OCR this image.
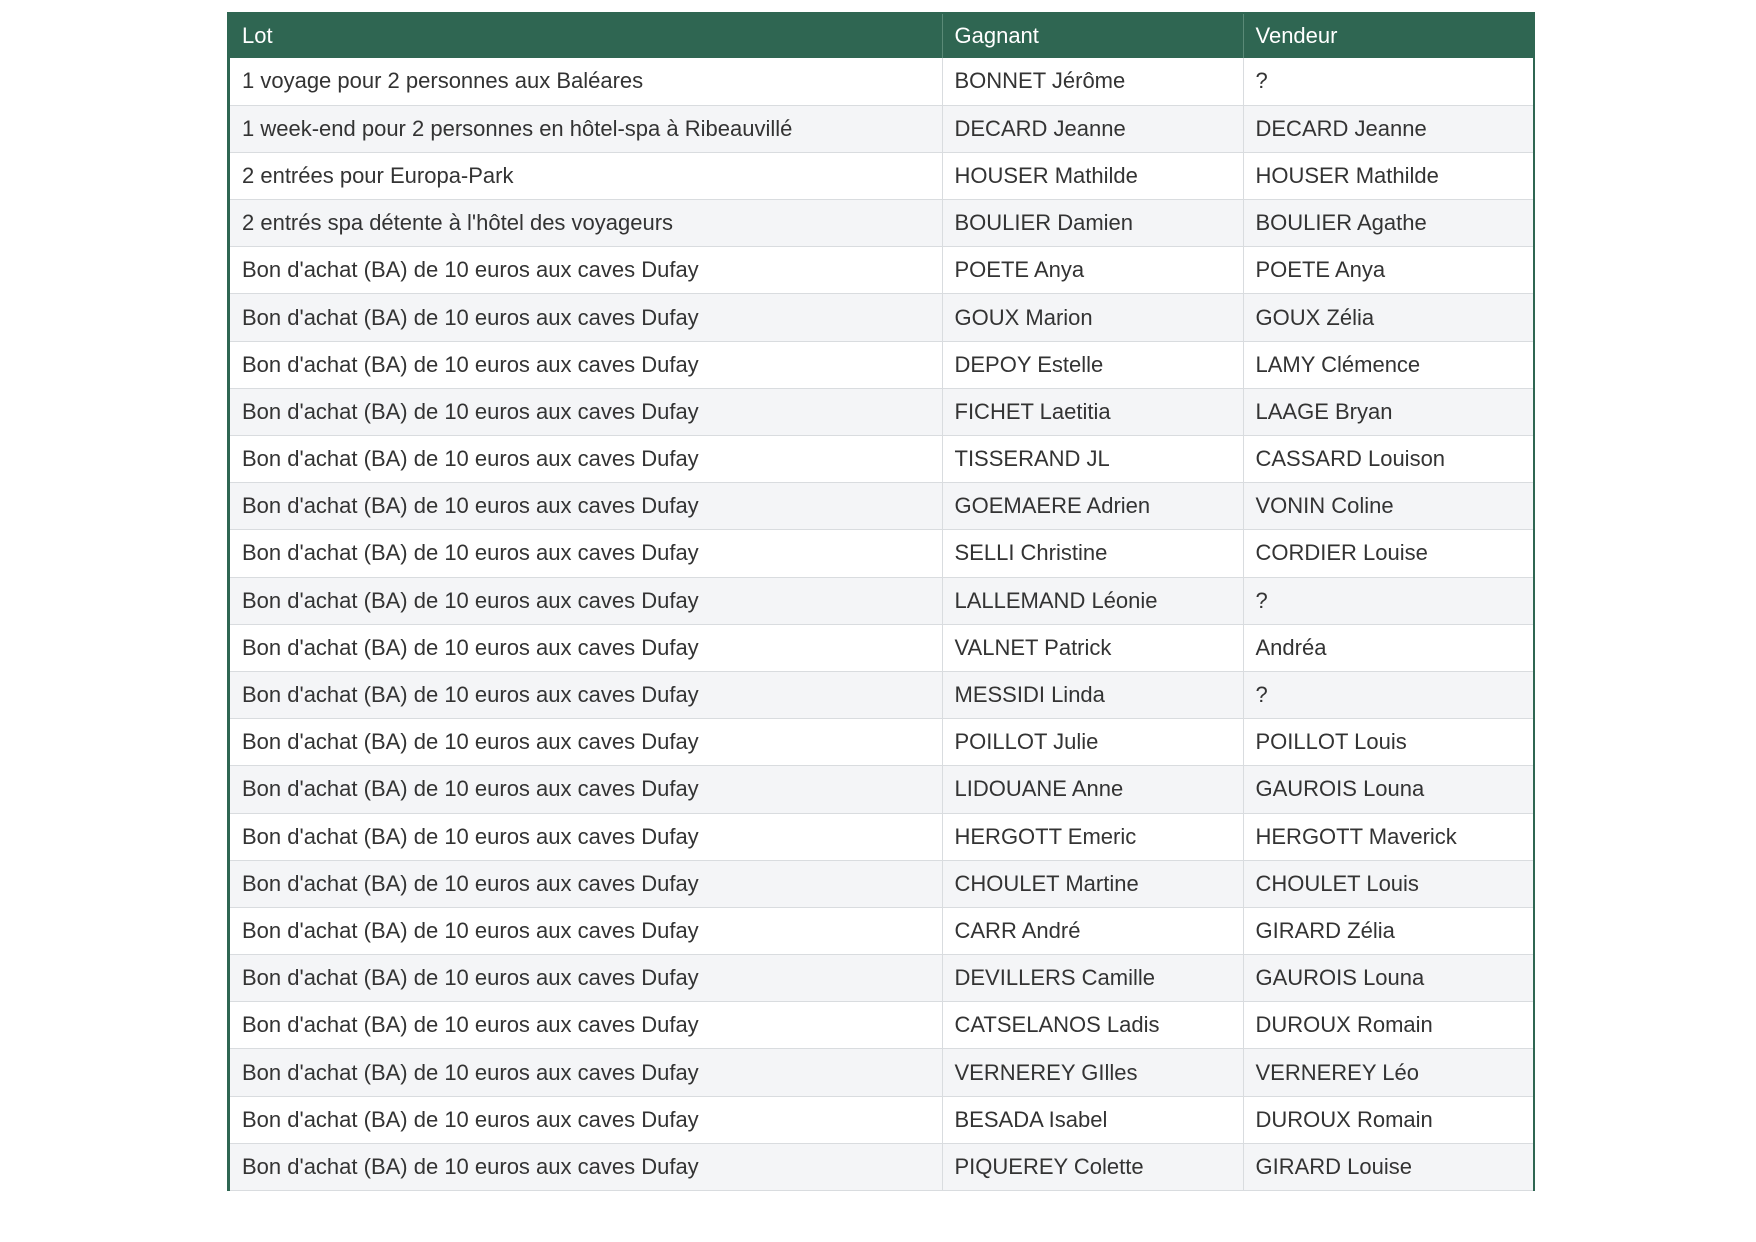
Lot	Gagnant	Vendeur
1 voyage pour 2 personnes aux Baléares	BONNET Jérôme	?
1 week-end pour 2 personnes en hôtel-spa à Ribeauvillé	DECARD Jeanne	DECARD Jeanne
2 entrées pour Europa-Park	HOUSER Mathilde	HOUSER Mathilde
2 entrés spa détente à l'hôtel des voyageurs	BOULIER Damien	BOULIER Agathe
Bon d'achat (BA) de 10 euros aux caves Dufay	POETE Anya	POETE Anya
Bon d'achat (BA) de 10 euros aux caves Dufay	GOUX Marion	GOUX Zélia
Bon d'achat (BA) de 10 euros aux caves Dufay	DEPOY Estelle	LAMY Clémence
Bon d'achat (BA) de 10 euros aux caves Dufay	FICHET Laetitia	LAAGE Bryan
Bon d'achat (BA) de 10 euros aux caves Dufay	TISSERAND JL	CASSARD Louison
Bon d'achat (BA) de 10 euros aux caves Dufay	GOEMAERE Adrien	VONIN Coline
Bon d'achat (BA) de 10 euros aux caves Dufay	SELLI Christine	CORDIER Louise
Bon d'achat (BA) de 10 euros aux caves Dufay	LALLEMAND Léonie	?
Bon d'achat (BA) de 10 euros aux caves Dufay	VALNET Patrick	Andréa
Bon d'achat (BA) de 10 euros aux caves Dufay	MESSIDI Linda	?
Bon d'achat (BA) de 10 euros aux caves Dufay	POILLOT Julie	POILLOT Louis
Bon d'achat (BA) de 10 euros aux caves Dufay	LIDOUANE Anne	GAUROIS Louna
Bon d'achat (BA) de 10 euros aux caves Dufay	HERGOTT Emeric	HERGOTT Maverick
Bon d'achat (BA) de 10 euros aux caves Dufay	CHOULET Martine	CHOULET Louis
Bon d'achat (BA) de 10 euros aux caves Dufay	CARR André	GIRARD Zélia
Bon d'achat (BA) de 10 euros aux caves Dufay	DEVILLERS Camille	GAUROIS Louna
Bon d'achat (BA) de 10 euros aux caves Dufay	CATSELANOS Ladis	DUROUX Romain
Bon d'achat (BA) de 10 euros aux caves Dufay	VERNEREY GIlles	VERNEREY Léo
Bon d'achat (BA) de 10 euros aux caves Dufay	BESADA Isabel	DUROUX Romain
Bon d'achat (BA) de 10 euros aux caves Dufay	PIQUEREY Colette	GIRARD Louise
